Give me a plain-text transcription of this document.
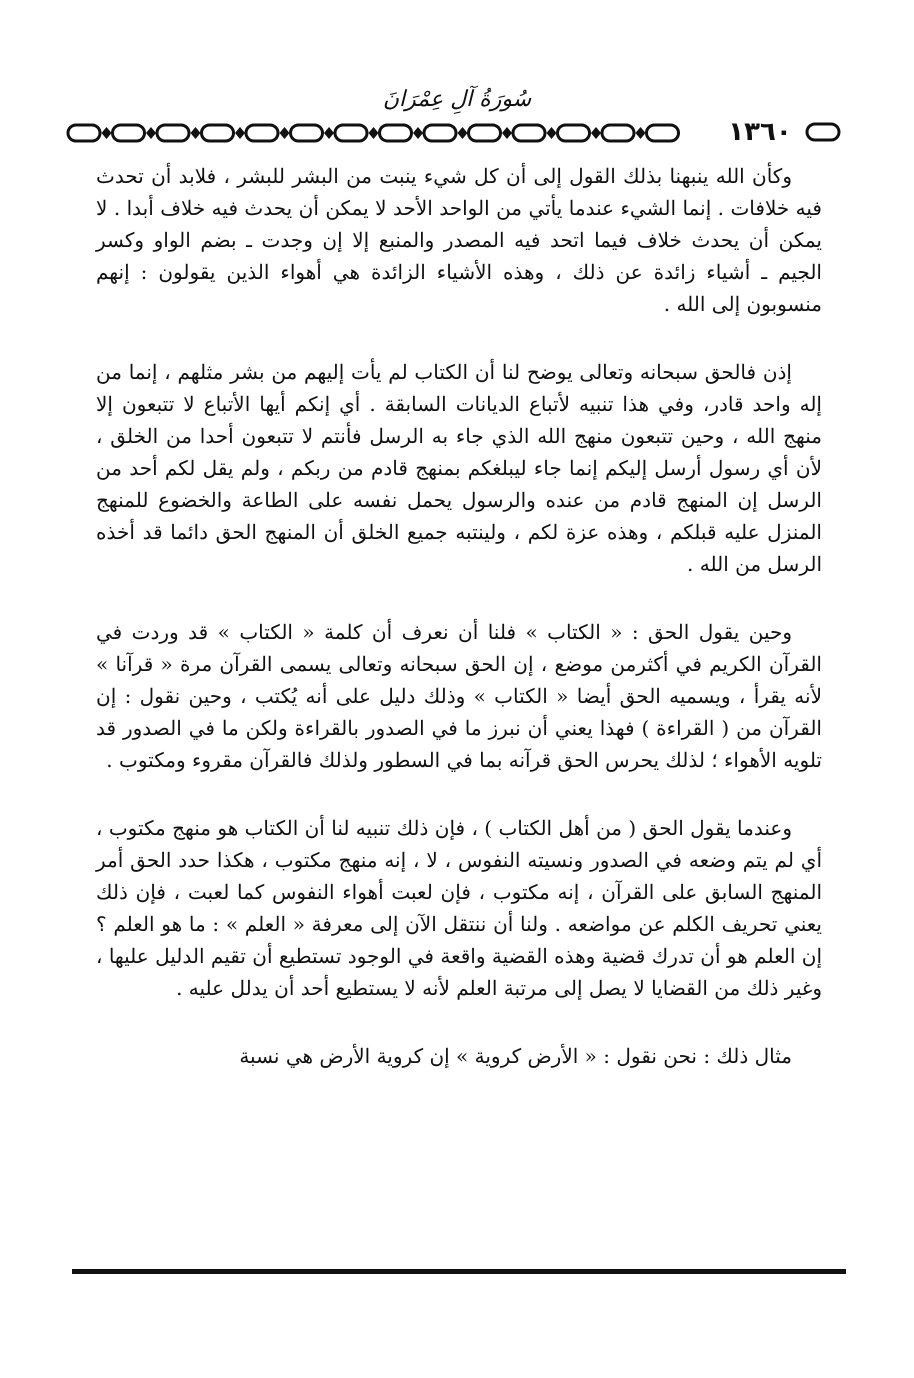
سُورَةُ آلِ عِمْرَانَ
١٣٦٠

وكأن الله ينبهنا بذلك القول إلى أن كل شيء ينبت من البشر للبشر ، فلابد أن تحدث فيه خلافات . إنما الشيء عندما يأتي من الواحد الأحد لا يمكن أن يحدث فيه خلاف أبدا . لا يمكن أن يحدث خلاف فيما اتحد فيه المصدر والمنبع إلا إن وجدت ـ بضم الواو وكسر الجيم ـ أشياء زائدة عن ذلك ، وهذه الأشياء الزائدة هي أهواء الذين يقولون : إنهم منسوبون إلى الله .

إذن فالحق سبحانه وتعالى يوضح لنا أن الكتاب لم يأت إليهم من بشر مثلهم ، إنما من إله واحد قادر، وفي هذا تنبيه لأتباع الديانات السابقة . أي إنكم أيها الأتباع لا تتبعون إلا منهج الله ، وحين تتبعون منهج الله الذي جاء به الرسل فأنتم لا تتبعون أحدا من الخلق ، لأن أي رسول أرسل إليكم إنما جاء ليبلغكم بمنهج قادم من ربكم ، ولم يقل لكم أحد من الرسل إن المنهج قادم من عنده والرسول يحمل نفسه على الطاعة والخضوع للمنهج المنزل عليه قبلكم ، وهذه عزة لكم ، ولينتبه جميع الخلق أن المنهج الحق دائما قد أخذه الرسل من الله .

وحين يقول الحق : « الكتاب » فلنا أن نعرف أن كلمة « الكتاب » قد وردت في القرآن الكريم في أكثرمن موضع ، إن الحق سبحانه وتعالى يسمى القرآن مرة « قرآنا » لأنه يقرأ ، ويسميه الحق أيضا « الكتاب » وذلك دليل على أنه يُكتب ، وحين نقول : إن القرآن من ( القراءة ) فهذا يعني أن نبرز ما في الصدور بالقراءة ولكن ما في الصدور قد تلويه الأهواء ؛ لذلك يحرس الحق قرآنه بما في السطور ولذلك فالقرآن مقروء ومكتوب .

وعندما يقول الحق ( من أهل الكتاب ) ، فإن ذلك تنبيه لنا أن الكتاب هو منهج مكتوب ، أي لم يتم وضعه في الصدور ونسيته النفوس ، لا ، إنه منهج مكتوب ، هكذا حدد الحق أمر المنهج السابق على القرآن ، إنه مكتوب ، فإن لعبت أهواء النفوس كما لعبت ، فإن ذلك يعني تحريف الكلم عن مواضعه . ولنا أن ننتقل الآن إلى معرفة « العلم » : ما هو العلم ؟ إن العلم هو أن تدرك قضية وهذه القضية واقعة في الوجود تستطيع أن تقيم الدليل عليها ، وغير ذلك من القضايا لا يصل إلى مرتبة العلم لأنه لا يستطيع أحد أن يدلل عليه .

مثال ذلك : نحن نقول : « الأرض كروية » إن كروية الأرض هي نسبة
